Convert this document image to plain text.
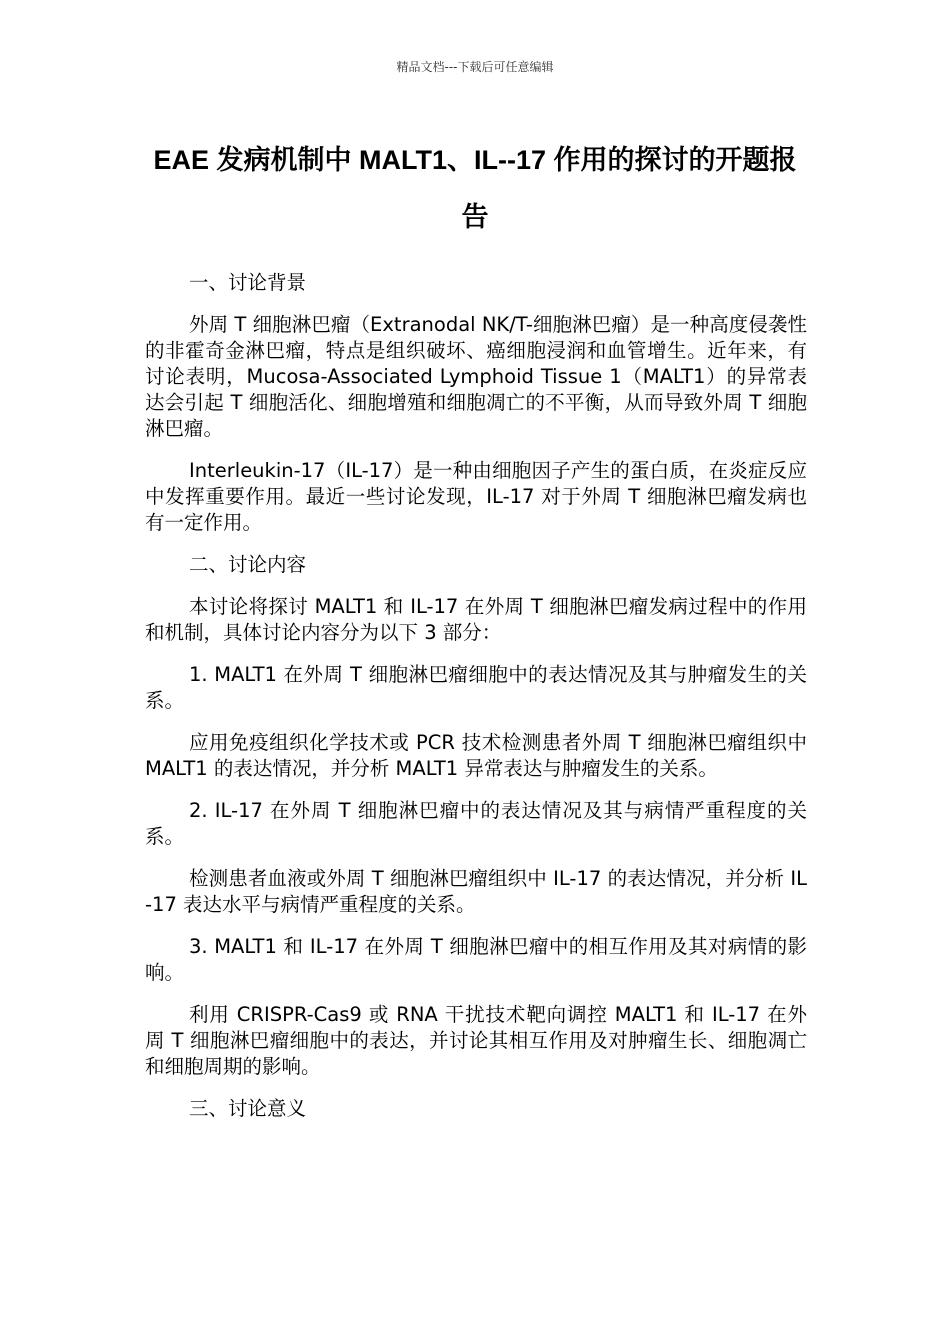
精品文档---下载后可任意编辑
EAE 发病机制中 MALT1、IL--17 作用的探讨的开题报告

一、讨论背景

外周 T 细胞淋巴瘤（Extranodal NK/T-细胞淋巴瘤）是一种高度侵袭性的非霍奇金淋巴瘤，特点是组织破坏、癌细胞浸润和血管增生。近年来，有讨论表明，Mucosa-Associated Lymphoid Tissue 1（MALT1）的异常表达会引起 T 细胞活化、细胞增殖和细胞凋亡的不平衡，从而导致外周 T 细胞淋巴瘤。

Interleukin-17（IL-17）是一种由细胞因子产生的蛋白质，在炎症反应中发挥重要作用。最近一些讨论发现，IL-17 对于外周 T 细胞淋巴瘤发病也有一定作用。

二、讨论内容

本讨论将探讨 MALT1 和 IL-17 在外周 T 细胞淋巴瘤发病过程中的作用和机制，具体讨论内容分为以下 3 部分：

1. MALT1 在外周 T 细胞淋巴瘤细胞中的表达情况及其与肿瘤发生的关系。

应用免疫组织化学技术或 PCR 技术检测患者外周 T 细胞淋巴瘤组织中 MALT1 的表达情况，并分析 MALT1 异常表达与肿瘤发生的关系。

2. IL-17 在外周 T 细胞淋巴瘤中的表达情况及其与病情严重程度的关系。

检测患者血液或外周 T 细胞淋巴瘤组织中 IL-17 的表达情况，并分析 IL-17 表达水平与病情严重程度的关系。

3. MALT1 和 IL-17 在外周 T 细胞淋巴瘤中的相互作用及其对病情的影响。

利用 CRISPR-Cas9 或 RNA 干扰技术靶向调控 MALT1 和 IL-17 在外周 T 细胞淋巴瘤细胞中的表达，并讨论其相互作用及对肿瘤生长、细胞凋亡和细胞周期的影响。

三、讨论意义
